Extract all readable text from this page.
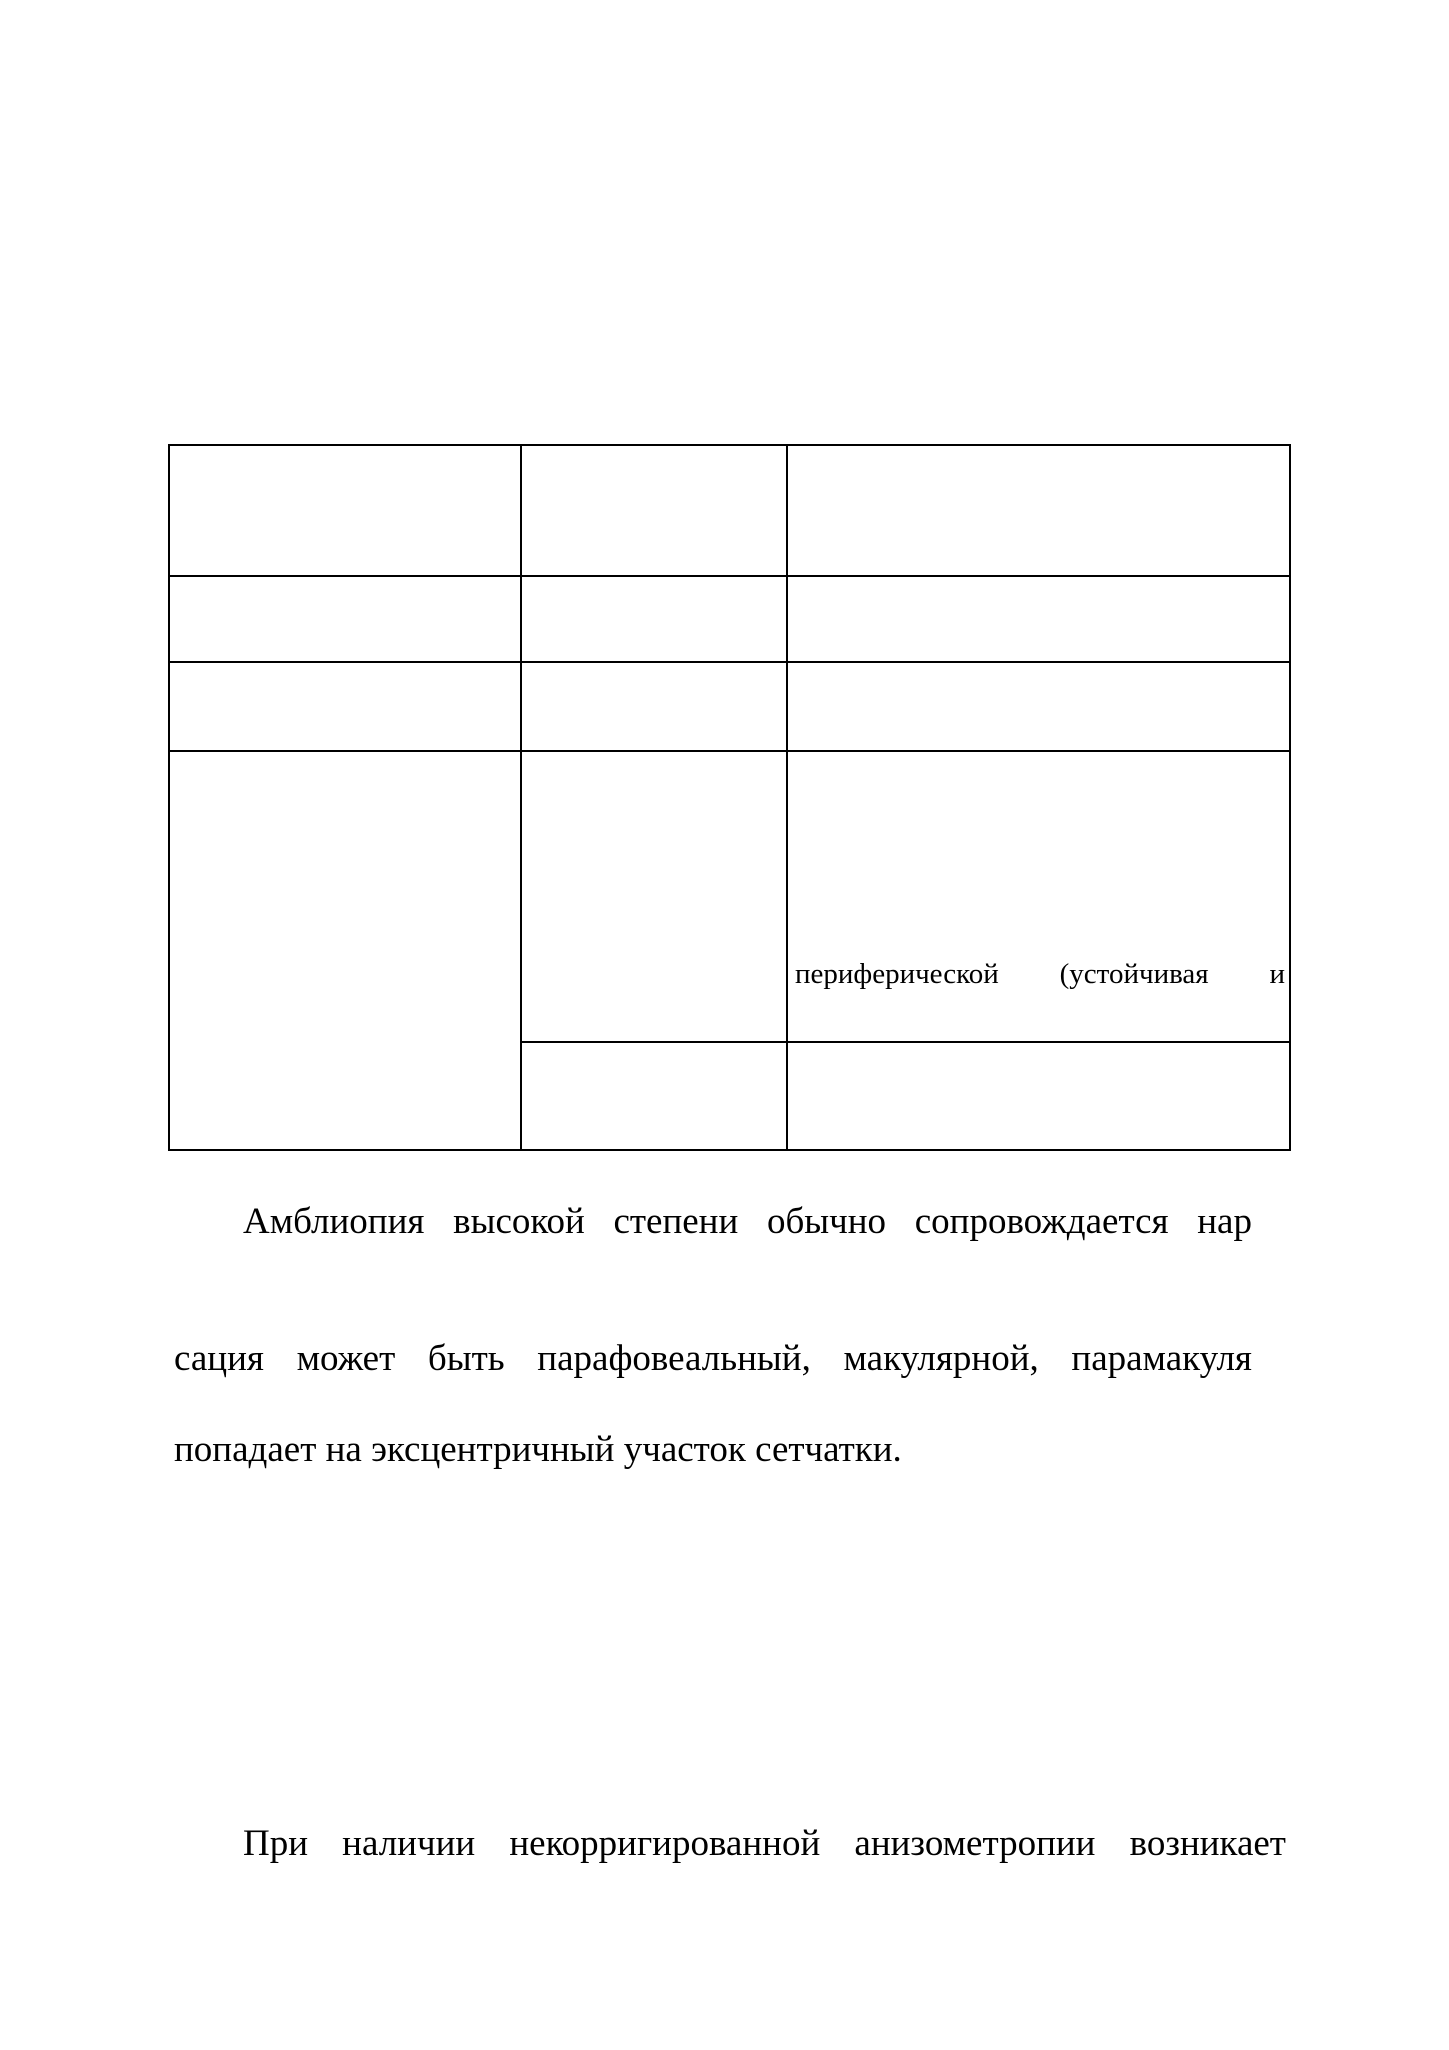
		периферической (устойчивая и

Амблиопия высокой степени обычно сопровождается нар
сация может быть парафовеальный, макулярной, парамакуля
попадает на эксцентричный участок сетчатки.
При наличии некорригированной анизометропии возникает
